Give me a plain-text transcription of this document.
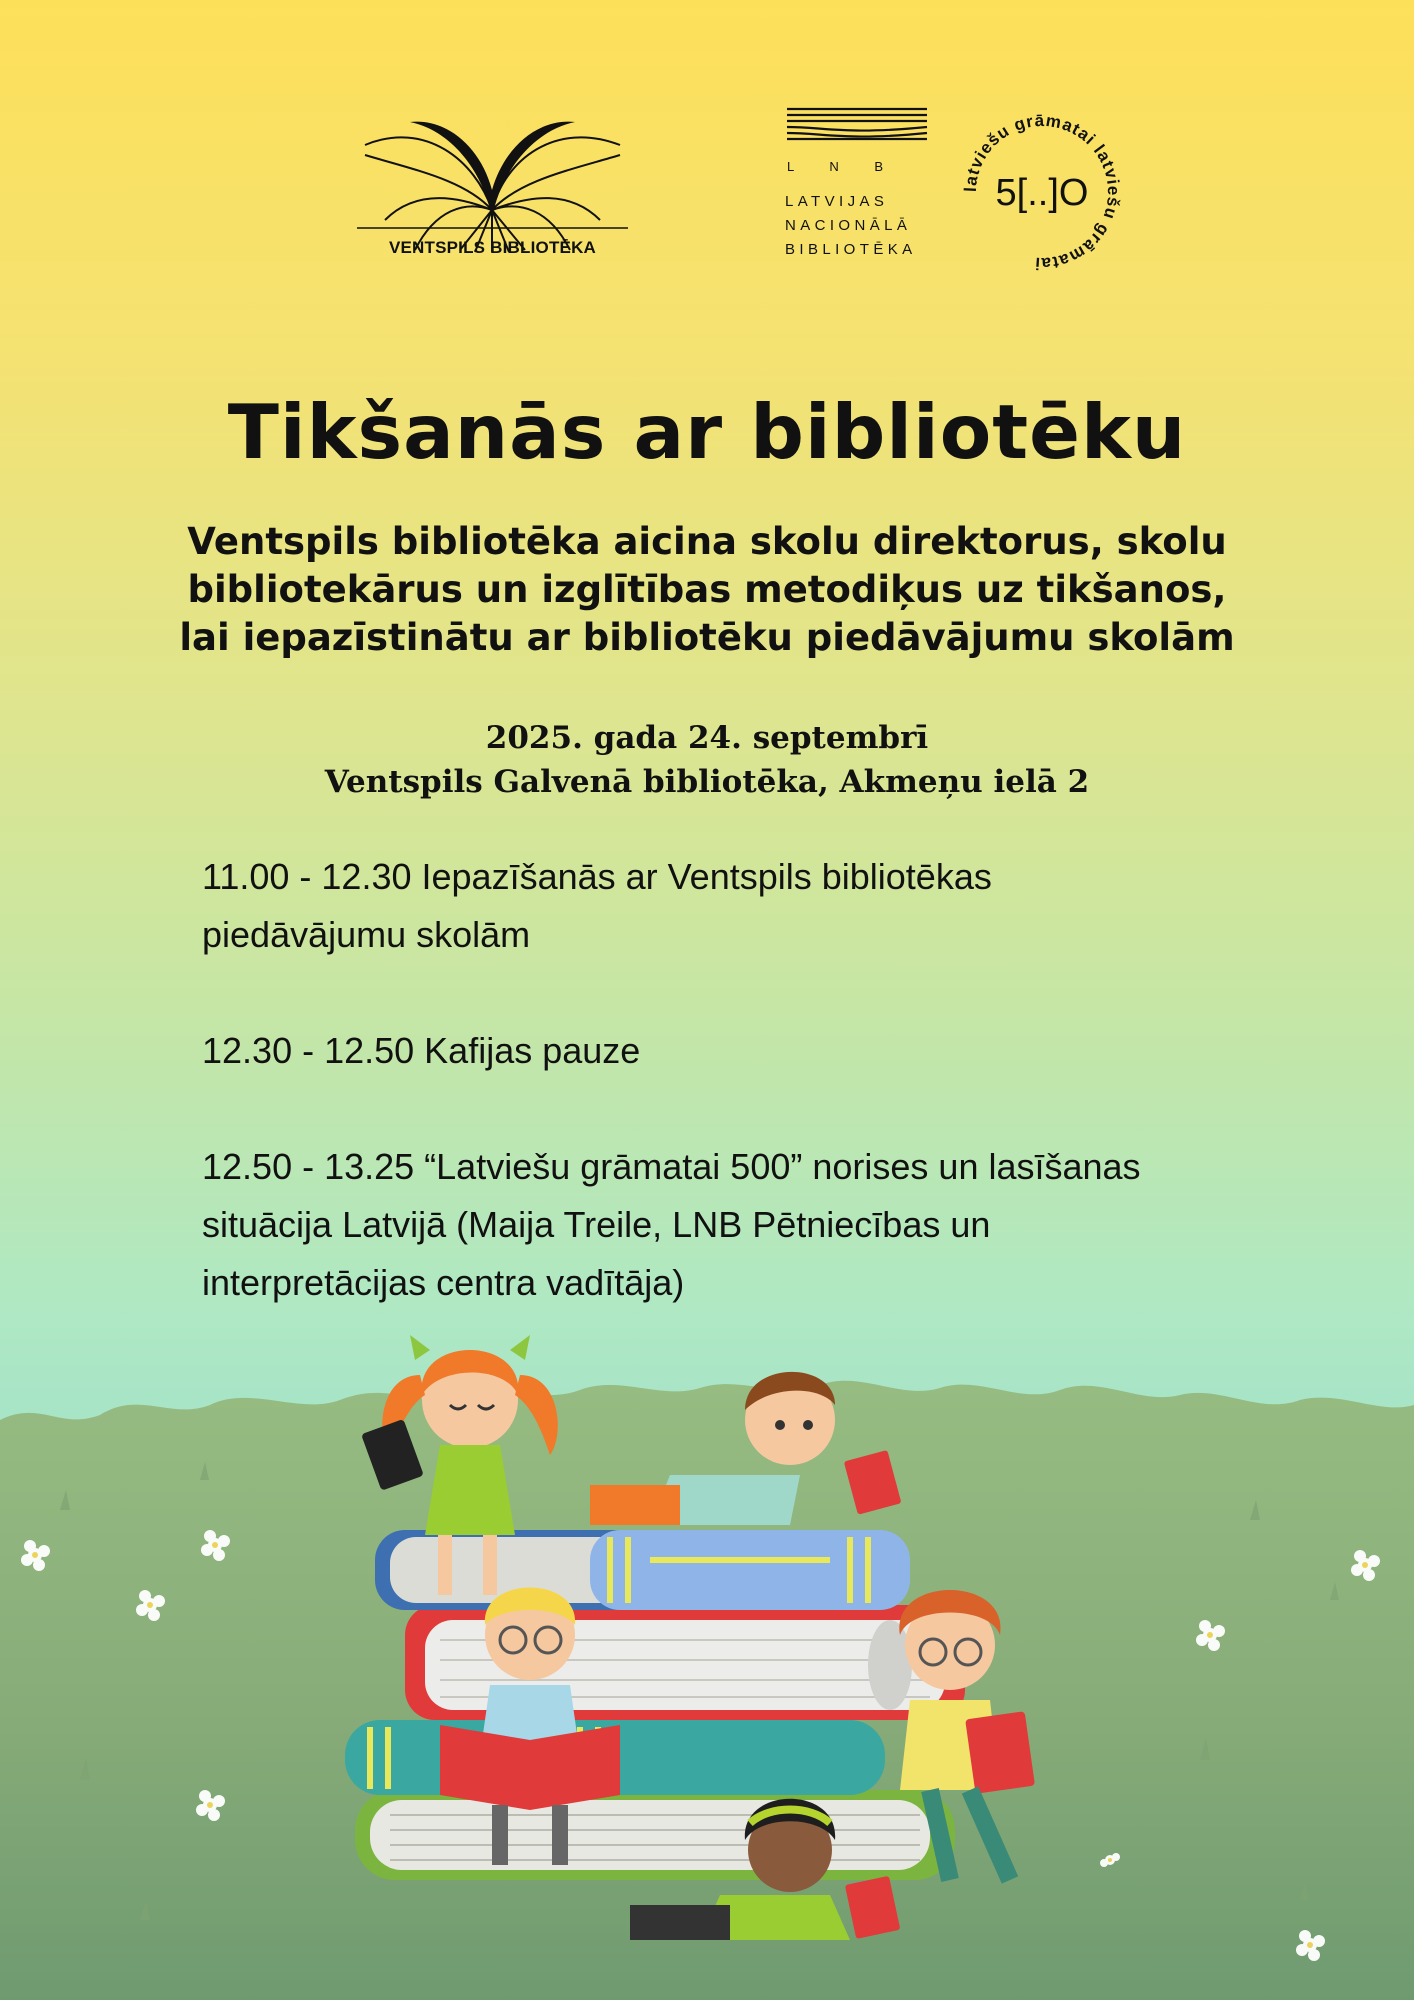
VENTSPILS BIBLIOTĒKA
L N B
LATVIJAS
NACIONĀLĀ
BIBLIOTĒKA
latviešu grāmatai latviešu grāmatai
5[..]O
Tikšanās ar bibliotēku
Ventspils bibliotēka aicina skolu direktorus, skolu
bibliotekārus un izglītības metodiķus uz tikšanos,
lai iepazīstinātu ar bibliotēku piedāvājumu skolām
2025. gada 24. septembrī
Ventspils Galvenā bibliotēka, Akmeņu ielā 2
11.00 - 12.30 Iepazīšanās ar Ventspils bibliotēkas
piedāvājumu skolām
12.30 - 12.50 Kafijas pauze
12.50 - 13.25 “Latviešu grāmatai 500” norises un lasīšanas
situācija Latvijā (Maija Treile, LNB Pētniecības un
interpretācijas centra vadītāja)
